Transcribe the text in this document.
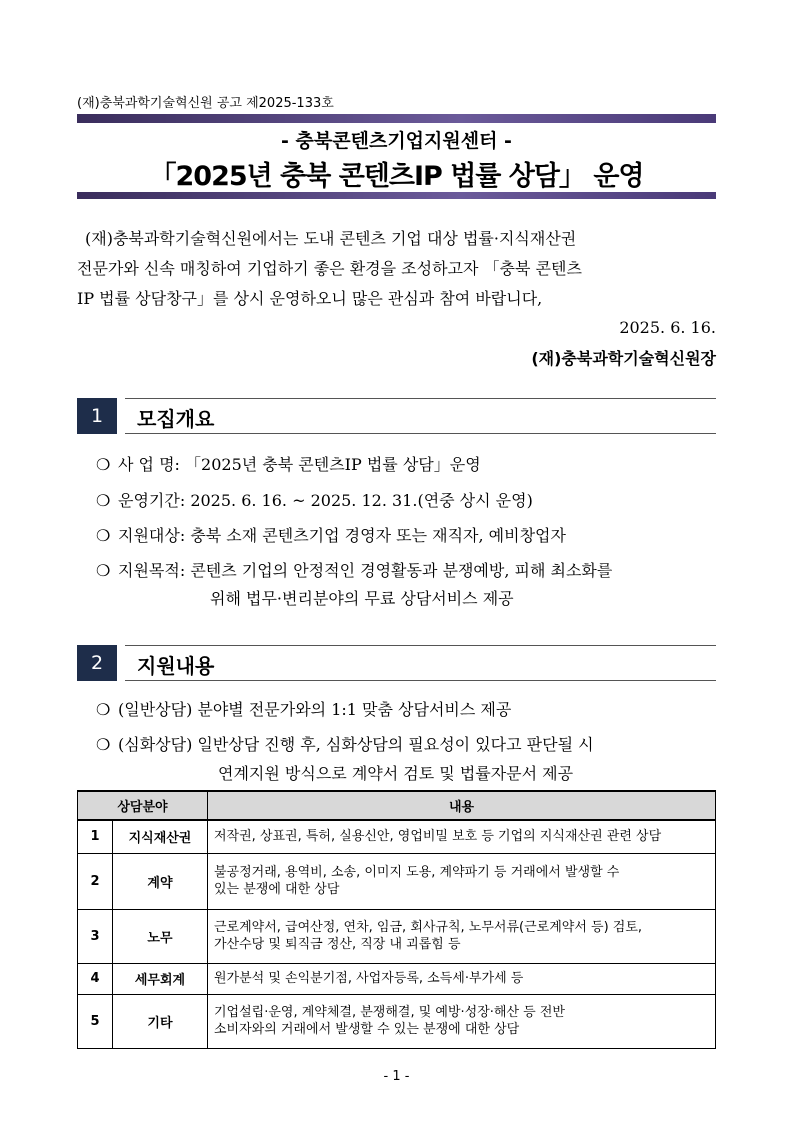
(재)충북과학기술혁신원 공고 제2025-133호
- 충북콘텐츠기업지원센터 -
「2025년 충북 콘텐츠IP 법률 상담」 운영
(재)충북과학기술혁신원에서는 도내 콘텐츠 기업 대상 법률·지식재산권
전문가와 신속 매칭하여 기업하기 좋은 환경을 조성하고자 「충북 콘텐츠
IP 법률 상담창구」를 상시 운영하오니 많은 관심과 참여 바랍니다,
2025. 6. 16.
(재)충북과학기술혁신원장
1	모집개요
❍ 사 업 명: 「2025년 충북 콘텐츠IP 법률 상담」운영
❍ 운영기간: 2025. 6. 16. ~ 2025. 12. 31.(연중 상시 운영)
❍ 지원대상: 충북 소재 콘텐츠기업 경영자 또는 재직자, 예비창업자
❍ 지원목적: 콘텐츠 기업의 안정적인 경영활동과 분쟁예방, 피해 최소화를
위해 법무·변리분야의 무료 상담서비스 제공
2	지원내용
❍ (일반상담) 분야별 전문가와의 1:1 맞춤 상담서비스 제공
❍ (심화상담) 일반상담 진행 후, 심화상담의 필요성이 있다고 판단될 시
연계지원 방식으로 계약서 검토 및 법률자문서 제공
상담분야		내용
1	지식재산권	저작권, 상표권, 특허, 실용신안, 영업비밀 보호 등 기업의 지식재산권 관련 상담
2	계약	불공정거래, 용역비, 소송, 이미지 도용, 계약파기 등 거래에서 발생할 수
있는 분쟁에 대한 상담
3	노무	근로계약서, 급여산정, 연차, 임금, 회사규칙, 노무서류(근로계약서 등) 검토,
가산수당 및 퇴직금 정산, 직장 내 괴롭힘 등
4	세무회계	원가분석 및 손익분기점, 사업자등록, 소득세·부가세 등
5	기타	기업설립·운영, 계약체결, 분쟁해결, 및 예방·성장·해산 등 전반
소비자와의 거래에서 발생할 수 있는 분쟁에 대한 상담
- 1 -
